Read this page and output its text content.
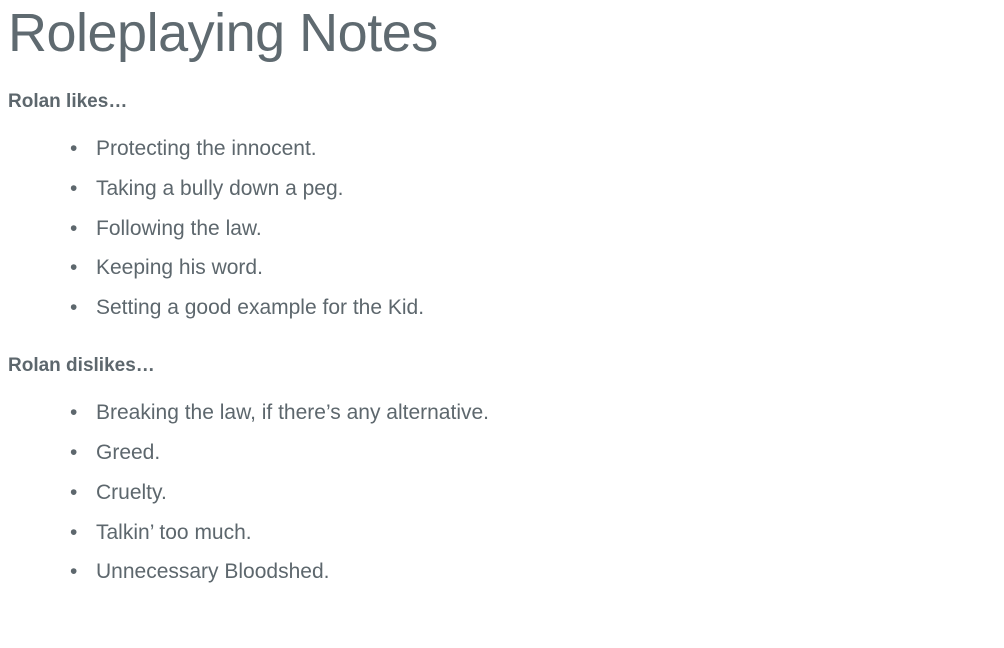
Roleplaying Notes
Rolan likes…
• Protecting the innocent.
• Taking a bully down a peg.
• Following the law.
• Keeping his word.
• Setting a good example for the Kid.
Rolan dislikes…
• Breaking the law, if there’s any alternative.
• Greed.
• Cruelty.
• Talkin’ too much.
• Unnecessary Bloodshed.
